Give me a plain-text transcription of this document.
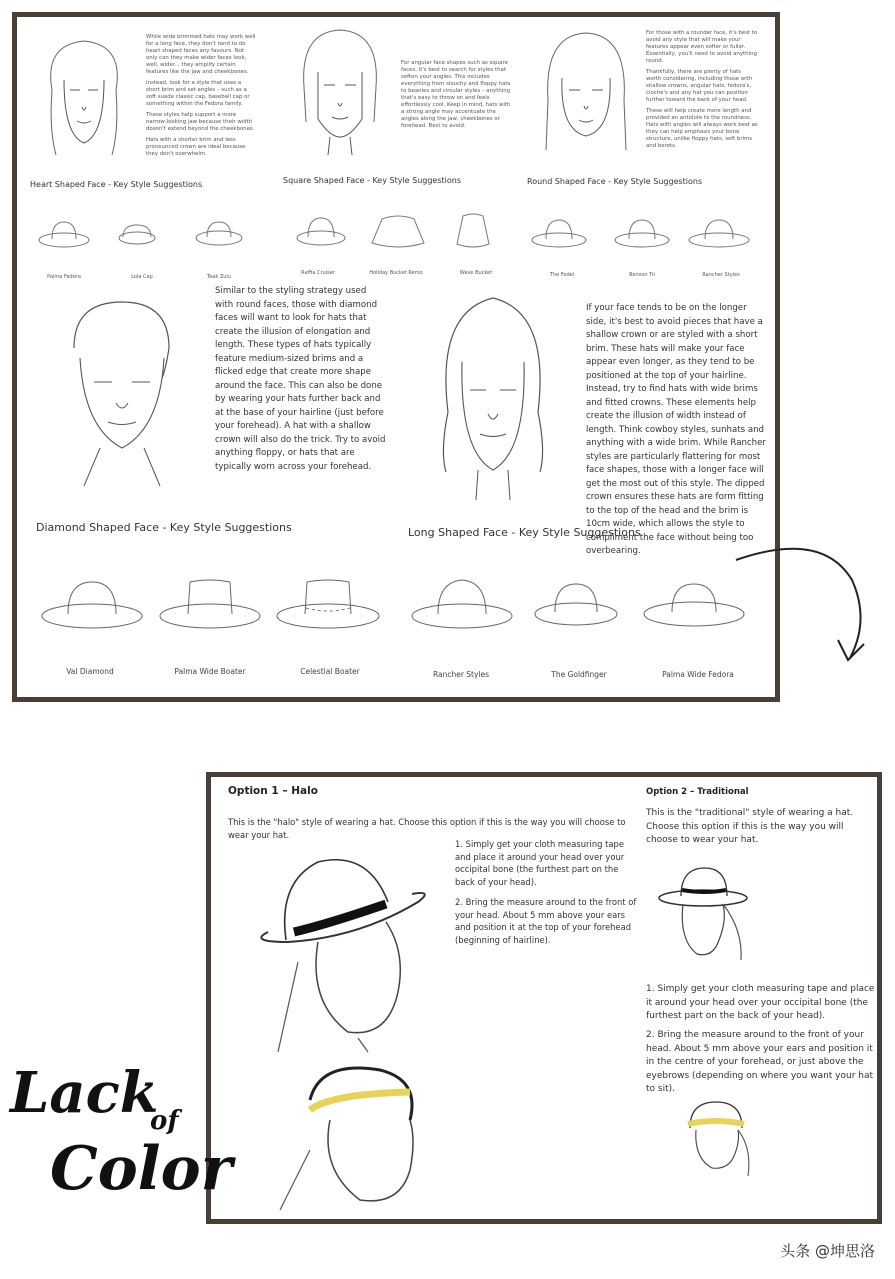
While wide brimmed hats may work well for a long face, they don't tend to do heart shaped faces any favours. Not only can they make wider faces look, well, wider... they amplify certain features like the jaw and cheekbones.

Instead, look for a style that uses a short brim and set angles – such as a soft suede classic cap, baseball cap or something within the Fedora family.

These styles help support a more narrow-looking jaw because their width doesn't extend beyond the cheekbones.

Hats with a shorter brim and less pronounced crown are ideal because they don't overwhelm.

Heart Shaped Face - Key Style Suggestions

For angular face shapes such as square faces, it's best to search for styles that soften your angles. This includes everything from slouchy and floppy hats to beanies and circular styles – anything that's easy to throw on and feels effortlessly cool. Keep in mind, hats with a strong angle may accentuate the angles along the jaw, cheekbones or forehead. Best to avoid.

Square Shaped Face - Key Style Suggestions

For those with a rounder face, it's best to avoid any style that will make your features appear even softer or fuller. Essentially, you'll need to avoid anything round.

Thankfully, there are plenty of hats worth considering, including those with shallow crowns, angular hats, fedora's, cloche's and any hat you can position further toward the back of your head.

These will help create more length and provided an antidote to the roundness. Hats with angles will always work best as they can help emphasis your bone structure, unlike floppy hats, soft brims and berets.

Round Shaped Face - Key Style Suggestions
Palma Fedora	Lola Cap	Teak Zulu
Raffia Cruiser	Holiday Bucket Remo	Wave Bucket	The Fedel	Benson Tri	Rancher Styles
Similar to the styling strategy used with round faces, those with diamond faces will want to look for hats that create the illusion of elongation and length. These types of hats typically feature medium-sized brims and a flicked edge that create more shape around the face. This can also be done by wearing your hats further back and at the base of your hairline (just before your forehead). A hat with a shallow crown will also do the trick. Try to avoid anything floppy, or hats that are typically worn across your forehead.
Diamond Shaped Face - Key Style Suggestions
If your face tends to be on the longer side, it's best to avoid pieces that have a shallow crown or are styled with a short brim. These hats will make your face appear even longer, as they tend to be positioned at the top of your hairline. Instead, try to find hats with wide brims and fitted crowns. These elements help create the illusion of width instead of length. Think cowboy styles, sunhats and anything with a wide brim. While Rancher styles are particularly flattering for most face shapes, those with a longer face will get the most out of this style. The dipped crown ensures these hats are form fitting to the top of the head and the brim is 10cm wide, which allows the style to compliment the face without being too overbearing.
Long Shaped Face - Key Style Suggestions
Val Diamond	Palma Wide Boater	Celestial Boater	Rancher Styles	The Goldfinger	Palma Wide Fedora
Option 1 – Halo
This is the "halo" style of wearing a hat. Choose this option if this is the way you will choose to wear your hat.
1. Simply get your cloth measuring tape and place it around your head over your occipital bone (the furthest part on the back of your head).
2. Bring the measure around to the front of your head. About 5 mm above your ears and position it at the top of your forehead (beginning of hairline).
Option 2 – Traditional
This is the "traditional" style of wearing a hat. Choose this option if this is the way you will choose to wear your hat.
1. Simply get your cloth measuring tape and place it around your head over your occipital bone (the furthest part on the back of your head).
2. Bring the measure around to the front of your head. About 5 mm above your ears and position it in the centre of your forehead, or just above the eyebrows (depending on where you want your hat to sit).
Lack
of
Color
头条 @坤思洛
